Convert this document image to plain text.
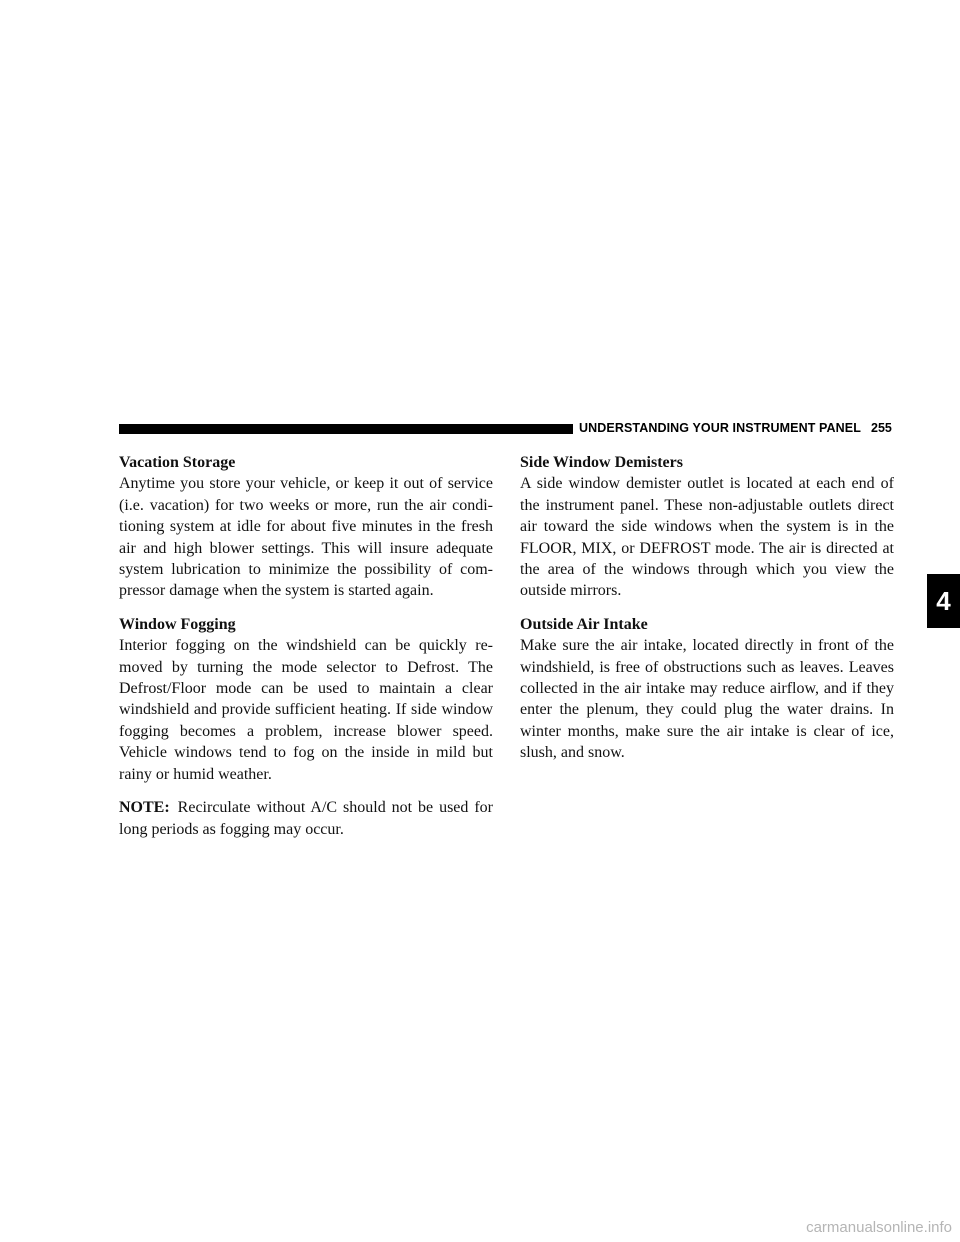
UNDERSTANDING YOUR INSTRUMENT PANEL 255

Vacation Storage

Anytime you store your vehicle, or keep it out of service (i.e. vacation) for two weeks or more, run the air conditioning system at idle for about five minutes in the fresh air and high blower settings. This will insure adequate system lubrication to minimize the possibility of compressor damage when the system is started again.

Window Fogging

Interior fogging on the windshield can be quickly removed by turning the mode selector to Defrost. The Defrost/Floor mode can be used to maintain a clear windshield and provide sufficient heating. If side window fogging becomes a problem, increase blower speed. Vehicle windows tend to fog on the inside in mild but rainy or humid weather.

NOTE: Recirculate without A/C should not be used for long periods as fogging may occur.

Side Window Demisters

A side window demister outlet is located at each end of the instrument panel. These non-adjustable outlets direct air toward the side windows when the system is in the FLOOR, MIX, or DEFROST mode. The air is directed at the area of the windows through which you view the outside mirrors.

Outside Air Intake

Make sure the air intake, located directly in front of the windshield, is free of obstructions such as leaves. Leaves collected in the air intake may reduce airflow, and if they enter the plenum, they could plug the water drains. In winter months, make sure the air intake is clear of ice, slush, and snow.

4
carmanualsonline.info
